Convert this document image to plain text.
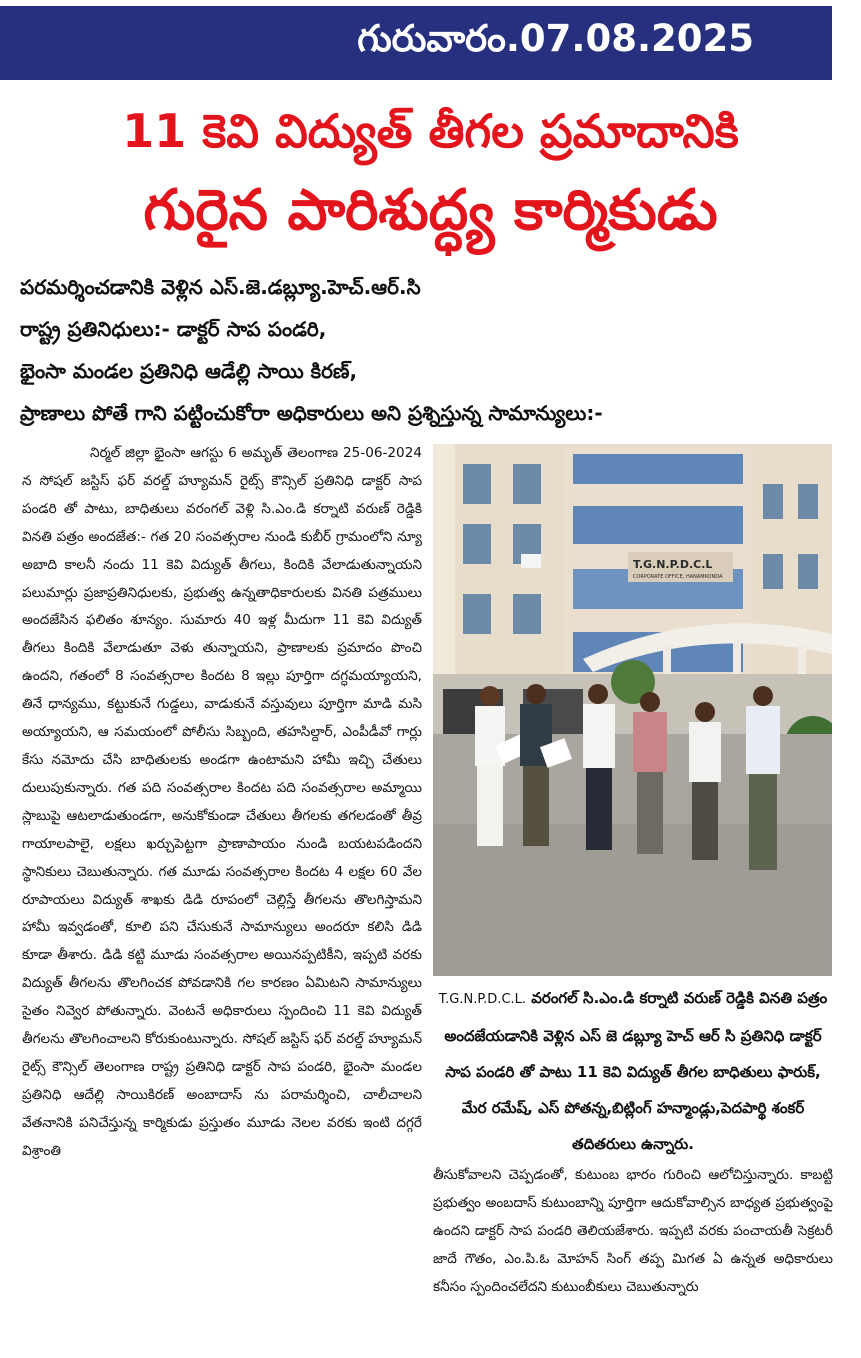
గురువారం.07.08.2025
11 కెవి విద్యుత్ తీగల ప్రమాదానికి
గురైన పారిశుద్ధ్య కార్మికుడు
పరమర్శించడానికి వెళ్లిన ఎస్.జె.డబ్ల్యూ.హెచ్.ఆర్.సి
రాష్ట్ర ప్రతినిధులు:- డాక్టర్ సాప పండరి,
భైంసా మండల ప్రతినిధి ఆడేల్లి సాయి కిరణ్,
ప్రాణాలు పోతే గాని పట్టించుకోరా అధికారులు అని ప్రశ్నిస్తున్న సామాన్యులు:-

నిర్మల్ జిల్లా భైంసా ఆగస్టు 6 అమృత్ తెలంగాణ 25-06-2024 న సోషల్ జస్టిస్ ఫర్ వరల్డ్ హ్యూమన్ రైట్స్ కౌన్సిల్ ప్రతినిధి డాక్టర్ సాప పండరి తో పాటు, బాధితులు వరంగల్ వెళ్లి సి.ఎం.డి కర్నాటి వరుణ్ రెడ్డికి వినతి పత్రం అందజేత:- గత 20 సంవత్సరాల నుండి కుబీర్ గ్రామంలోని న్యూ అబాది కాలనీ నందు 11 కెవి విద్యుత్ తీగలు, కిందికి వేలాడుతున్నాయని పలుమార్లు ప్రజాప్రతినిధులకు, ప్రభుత్వ ఉన్నతాధికారులకు వినతి పత్రములు అందజేసిన ఫలితం శూన్యం. సుమారు 40 ఇళ్ల మీదుగా 11 కెవి విద్యుత్ తీగలు కిందికి వేలాడుతూ వెళు తున్నాయని, ప్రాణాలకు ప్రమాదం పొంచి ఉందని, గతంలో 8 సంవత్సరాల కిందట 8 ఇల్లు పూర్తిగా దగ్ధమయ్యాయని, తినే ధాన్యము, కట్టుకునే గుడ్డలు, వాడుకునే వస్తువులు పూర్తిగా మాడి మసి అయ్యాయని, ఆ సమయంలో పోలీసు సిబ్బంది, తహసిల్దార్, ఎంపీడీవో గార్లు కేసు నమోదు చేసి బాధితులకు అండగా ఉంటామని హామీ ఇచ్చి చేతులు దులుపుకున్నారు. గత పది సంవత్సరాల కిందట పది సంవత్సరాల అమ్మాయి స్లాబుపై ఆటలాడుతుండగా, అనుకోకుండా చేతులు తీగలకు తగలడంతో తీవ్ర గాయాలపాలై, లక్షలు ఖర్చుపెట్టగా ప్రాణాపాయం నుండి బయటపడిందని స్థానికులు చెబుతున్నారు. గత మూడు సంవత్సరాల కిందట 4 లక్షల 60 వేల రూపాయలు విద్యుత్ శాఖకు డిడి రూపంలో చెల్లిస్తే తీగలను తొలగిస్తామని హామీ ఇవ్వడంతో, కూలి పని చేసుకునే సామాన్యులు అందరూ కలిసి డిడి కూడా తీశారు. డిడి కట్టి మూడు సంవత్సరాల అయినప్పటికీని, ఇప్పటి వరకు విద్యుత్ తీగలను తొలగించక పోవడానికి గల కారణం ఏమిటని సామాన్యులు సైతం నివ్వెర పోతున్నారు. వెంటనే అధికారులు స్పందించి 11 కెవి విద్యుత్ తీగలను తొలగించాలని కోరుకుంటున్నారు. సోషల్ జస్టిస్ ఫర్ వరల్డ్ హ్యూమన్ రైట్స్ కౌన్సిల్ తెలంగాణ రాష్ట్ర ప్రతినిధి డాక్టర్ సాప పండరి, భైంసా మండల ప్రతినిధి ఆదేల్లి సాయికిరణ్ అంబాదాస్ ను పరామర్శించి, చాలీచాలని వేతనానికి పనిచేస్తున్న కార్మికుడు ప్రస్తుతం మూడు నెలల వరకు ఇంటి దగ్గరే విశ్రాంతి

T.G.N.P.D.C.L
CORPORATE OFFICE, HANAMKONDA
T.G.N.P.D.C.L. వరంగల్ సి.ఎం.డి కర్నాటి వరుణ్ రెడ్డికి వినతి పత్రం అందజేయడానికి వెళ్లిన ఎస్ జె డబ్ల్యూ హెచ్ ఆర్ సి ప్రతినిధి డాక్టర్ సాప పండరి తో పాటు 11 కెవి విద్యుత్ తీగల బాధితులు ఫారుక్, మేర రమేష్, ఎస్ పోతన్న,బిట్లింగ్ హన్మాండ్లు,పెదపార్థి శంకర్ తదితరులు ఉన్నారు.

తీసుకోవాలని చెప్పడంతో, కుటుంబ భారం గురించి ఆలోచిస్తున్నారు. కాబట్టి ప్రభుత్వం అంబదాస్ కుటుంబాన్ని పూర్తిగా ఆదుకోవాల్సిన బాధ్యత ప్రభుత్వంపై ఉందని డాక్టర్ సాప పండరి తెలియజేశారు. ఇప్పటి వరకు పంచాయతీ సెక్రటరీ జాదే గౌతం, ఎం.పి.ఓ మోహన్ సింగ్ తప్ప మిగత ఏ ఉన్నత అధికారులు కనీసం స్పందించలేదని కుటుంబీకులు చెబుతున్నారు
